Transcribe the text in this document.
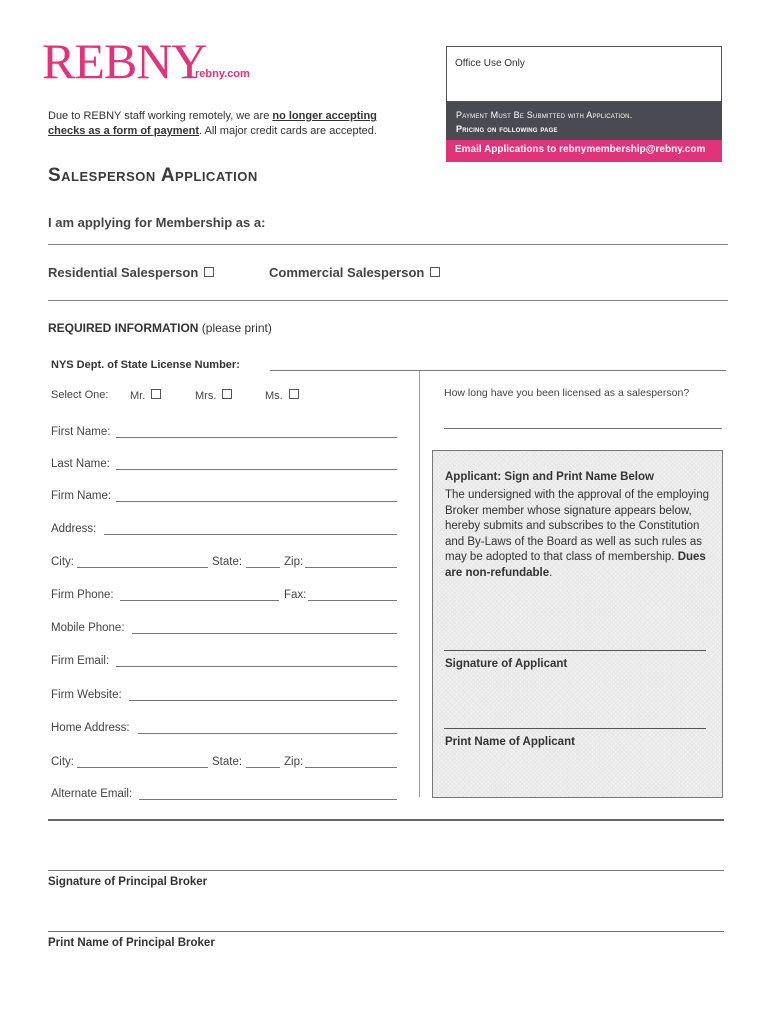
REBNY
rebny.com
Due to REBNY staff working remotely, we are no longer accepting checks as a form of payment. All major credit cards are accepted.
Office Use Only
Payment Must Be Submitted with Application.
Pricing on following page
Email Applications to rebnymembership@rebny.com
Salesperson Application
I am applying for Membership as a:
Residential Salesperson	Commercial Salesperson
REQUIRED INFORMATION (please print)
NYS Dept. of State License Number:
Select One: Mr.	Mrs.	Ms.
First Name:
Last Name:
Firm Name:
Address:
City:	State:	Zip:
Firm Phone:	Fax:
Mobile Phone:
Firm Email:
Firm Website:
Home Address:
City:	State:	Zip:
Alternate Email:
How long have you been licensed as a salesperson?
Applicant: Sign and Print Name Below
The undersigned with the approval of the employing Broker member whose signature appears below, hereby submits and subscribes to the Constitution and By-Laws of the Board as well as such rules as may be adopted to that class of membership. Dues are non-refundable.
Signature of Applicant
Print Name of Applicant
Signature of Principal Broker
Print Name of Principal Broker
